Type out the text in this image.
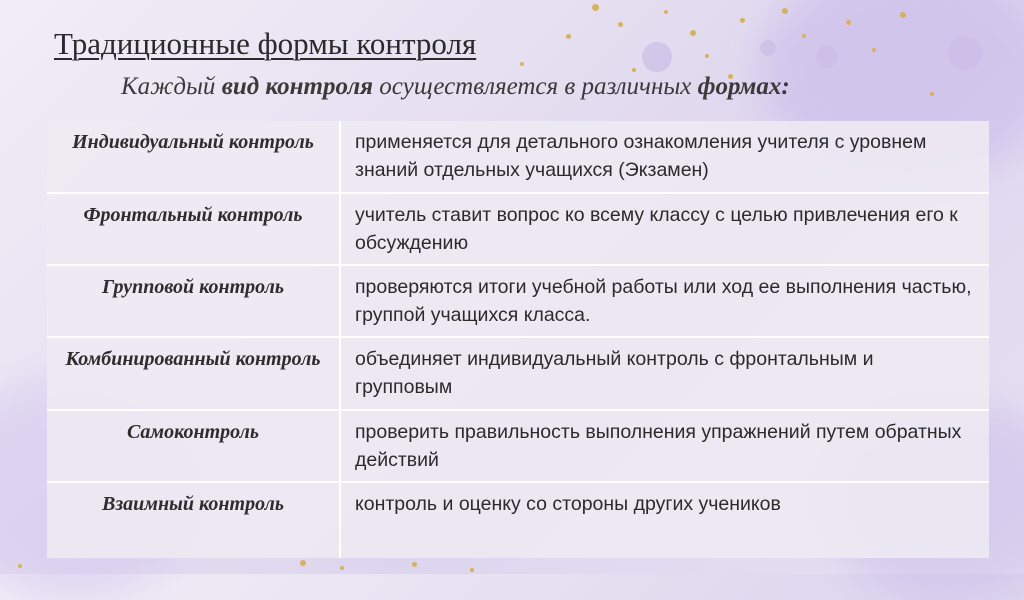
Традиционные формы контроля

Каждый вид контроля осуществляется в различных формах:

Индивидуальный контроль	применяется для детального ознакомления учителя с уровнем знаний отдельных учащихся (Экзамен)
Фронтальный контроль	учитель ставит вопрос ко всему классу с целью привлечения его к обсуждению
Групповой контроль	проверяются итоги учебной работы или ход ее выполнения частью, группой учащихся класса.
Комбинированный контроль	объединяет индивидуальный контроль с фронтальным и групповым
Самоконтроль	проверить правильность выполнения упражнений путем обратных действий
Взаимный контроль	контроль и оценку со стороны других учеников
